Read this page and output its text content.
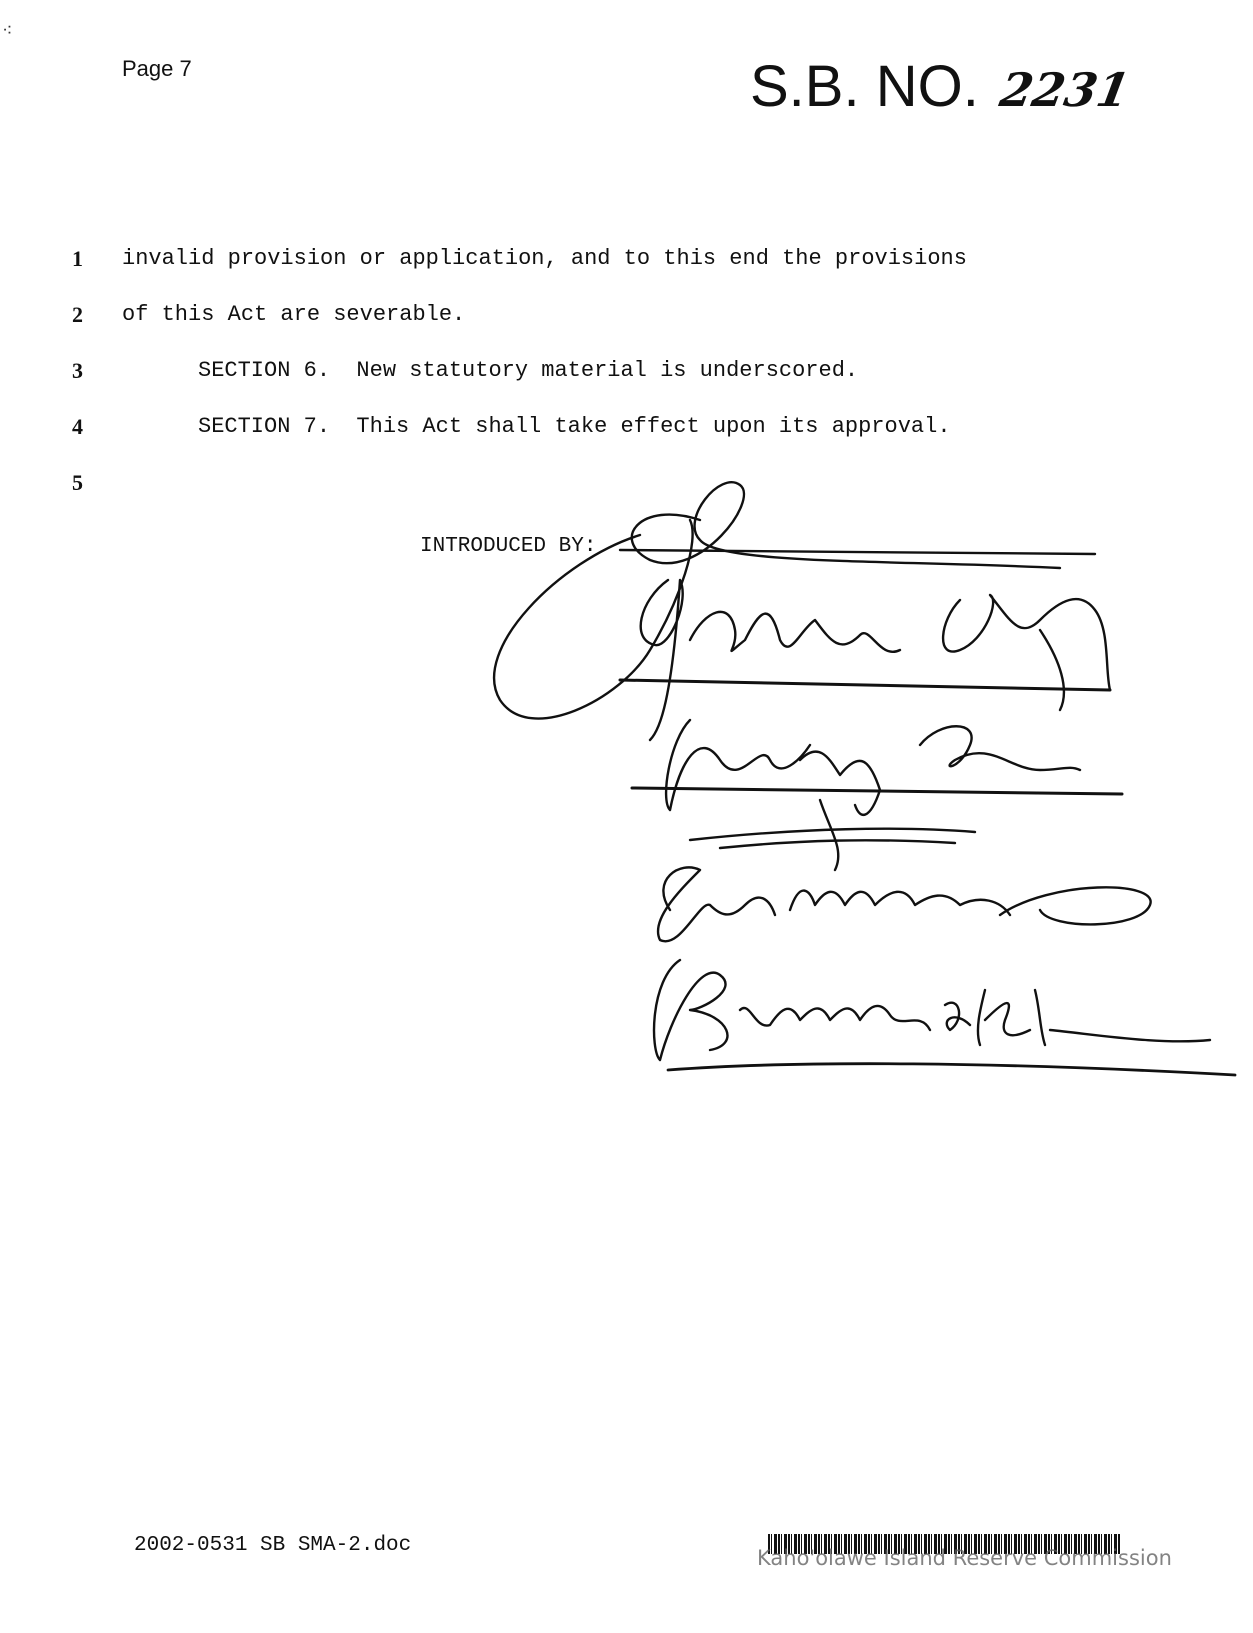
⁖
Page 7	S.B. NO. 2231
1
2
3
4
5
invalid provision or application, and to this end the provisions
of this Act are severable.
SECTION 6.  New statutory material is underscored.
SECTION 7.  This Act shall take effect upon its approval.
INTRODUCED BY:
2002-0531 SB SMA-2.doc
Kaho'olawe Island Reserve Commission
